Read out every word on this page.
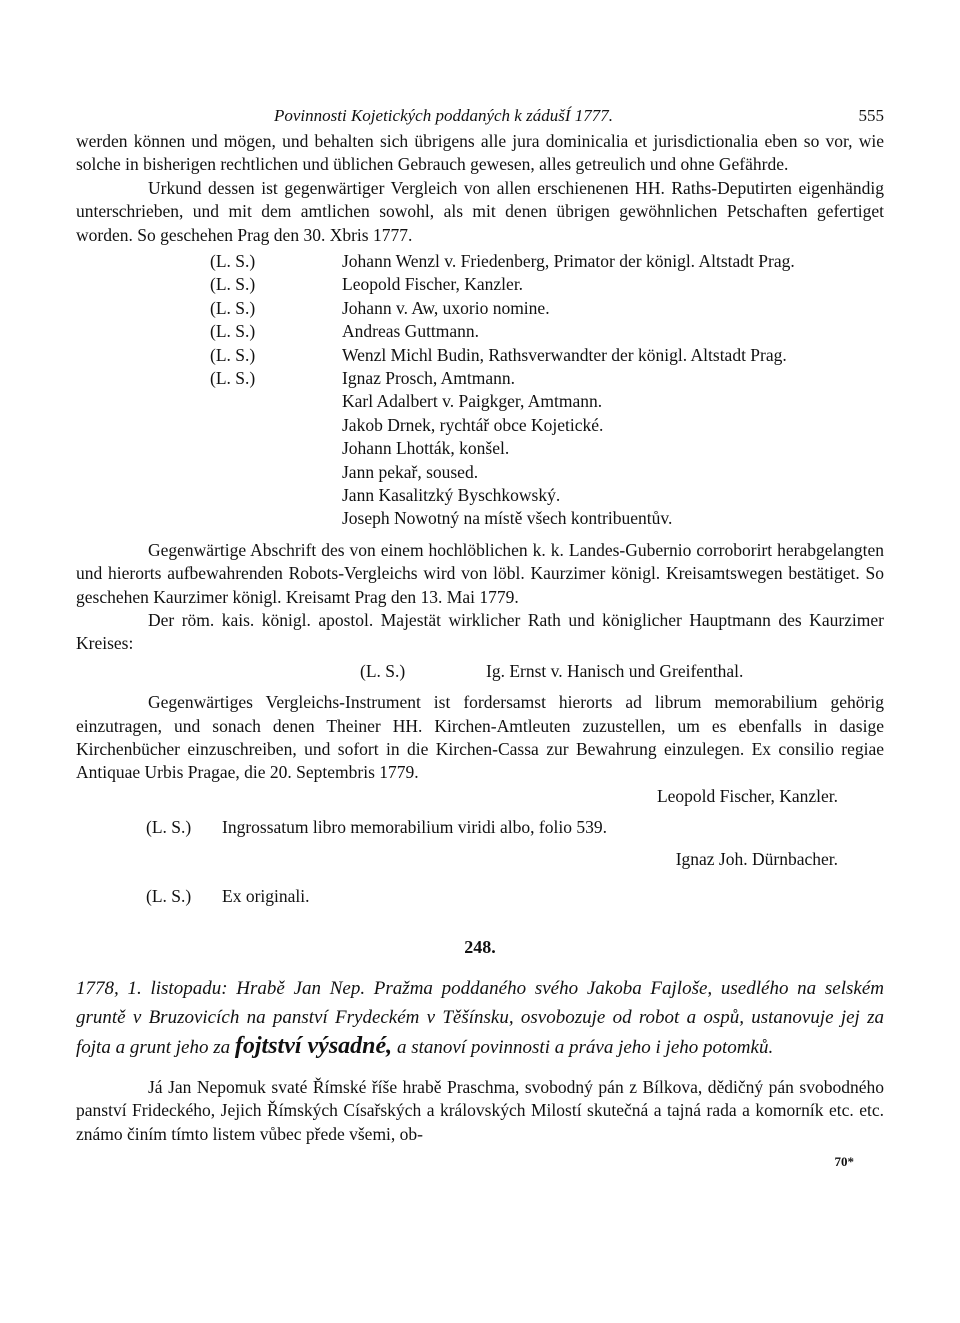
Povinnosti Kojetických poddaných k zádušÍ 1777.	555

werden können und mögen, und behalten sich übrigens alle jura dominicalia et jurisdictionalia eben so vor, wie solche in bisherigen rechtlichen und üblichen Gebrauch gewesen, alles getreulich und ohne Gefährde.

Urkund dessen ist gegenwärtiger Vergleich von allen erschienenen HH. Raths-Deputirten eigenhändig unterschrieben, und mit dem amtlichen sowohl, als mit denen übrigen gewöhnlichen Petschaften gefertiget worden. So geschehen Prag den 30. Xbris 1777.

(L. S.)	Johann Wenzl v. Friedenberg, Primator der königl. Altstadt Prag.
(L. S.)	Leopold Fischer, Kanzler.
(L. S.)	Johann v. Aw, uxorio nomine.
(L. S.)	Andreas Guttmann.
(L. S.)	Wenzl Michl Budin, Rathsverwandter der königl. Altstadt Prag.
(L. S.)	Ignaz Prosch, Amtmann.
Karl Adalbert v. Paigkger, Amtmann.
Jakob Drnek, rychtář obce Kojetické.
Johann Lhották, konšel.
Jann pekař, soused.
Jann Kasalitzký Byschkowský.
Joseph Nowotný na místě všech kontribuentův.

Gegenwärtige Abschrift des von einem hochlöblichen k. k. Landes-Gubernio corroborirt herabgelangten und hierorts aufbewahrenden Robots-Vergleichs wird von löbl. Kaurzimer königl. Kreisamtswegen bestätiget. So geschehen Kaurzimer königl. Kreisamt Prag den 13. Mai 1779.

Der röm. kais. königl. apostol. Majestät wirklicher Rath und königlicher Hauptmann des Kaurzimer Kreises:

(L. S.)	Ig. Ernst v. Hanisch und Greifenthal.

Gegenwärtiges Vergleichs-Instrument ist fordersamst hierorts ad librum memorabilium gehörig einzutragen, und sonach denen Theiner HH. Kirchen-Amtleuten zuzustellen, um es ebenfalls in dasige Kirchenbücher einzuschreiben, und sofort in die Kirchen-Cassa zur Bewahrung einzulegen. Ex consilio regiae Antiquae Urbis Pragae, die 20. Septembris 1779.

Leopold Fischer, Kanzler.
(L. S.)	Ingrossatum libro memorabilium viridi albo, folio 539.
Ignaz Joh. Dürnbacher.
(L. S.)	Ex originali.
248.
1778, 1. listopadu: Hrabě Jan Nep. Pražma poddaného svého Jakoba Fajloše, usedlého na selském gruntě v Bruzovicích na panství Frydeckém v Těšínsku, osvobozuje od robot a ospů, ustanovuje jej za fojta a grunt jeho za fojtství výsadné, a stanoví povinnosti a práva jeho i jeho potomků.

Já Jan Nepomuk svaté Římské říše hrabě Praschma, svobodný pán z Bílkova, dědičný pán svobodného panství Frideckého, Jejich Římských Císařských a královských Milostí skutečná a tajná rada a komorník etc. etc. známo činím tímto listem vůbec přede všemi, ob-

70*
